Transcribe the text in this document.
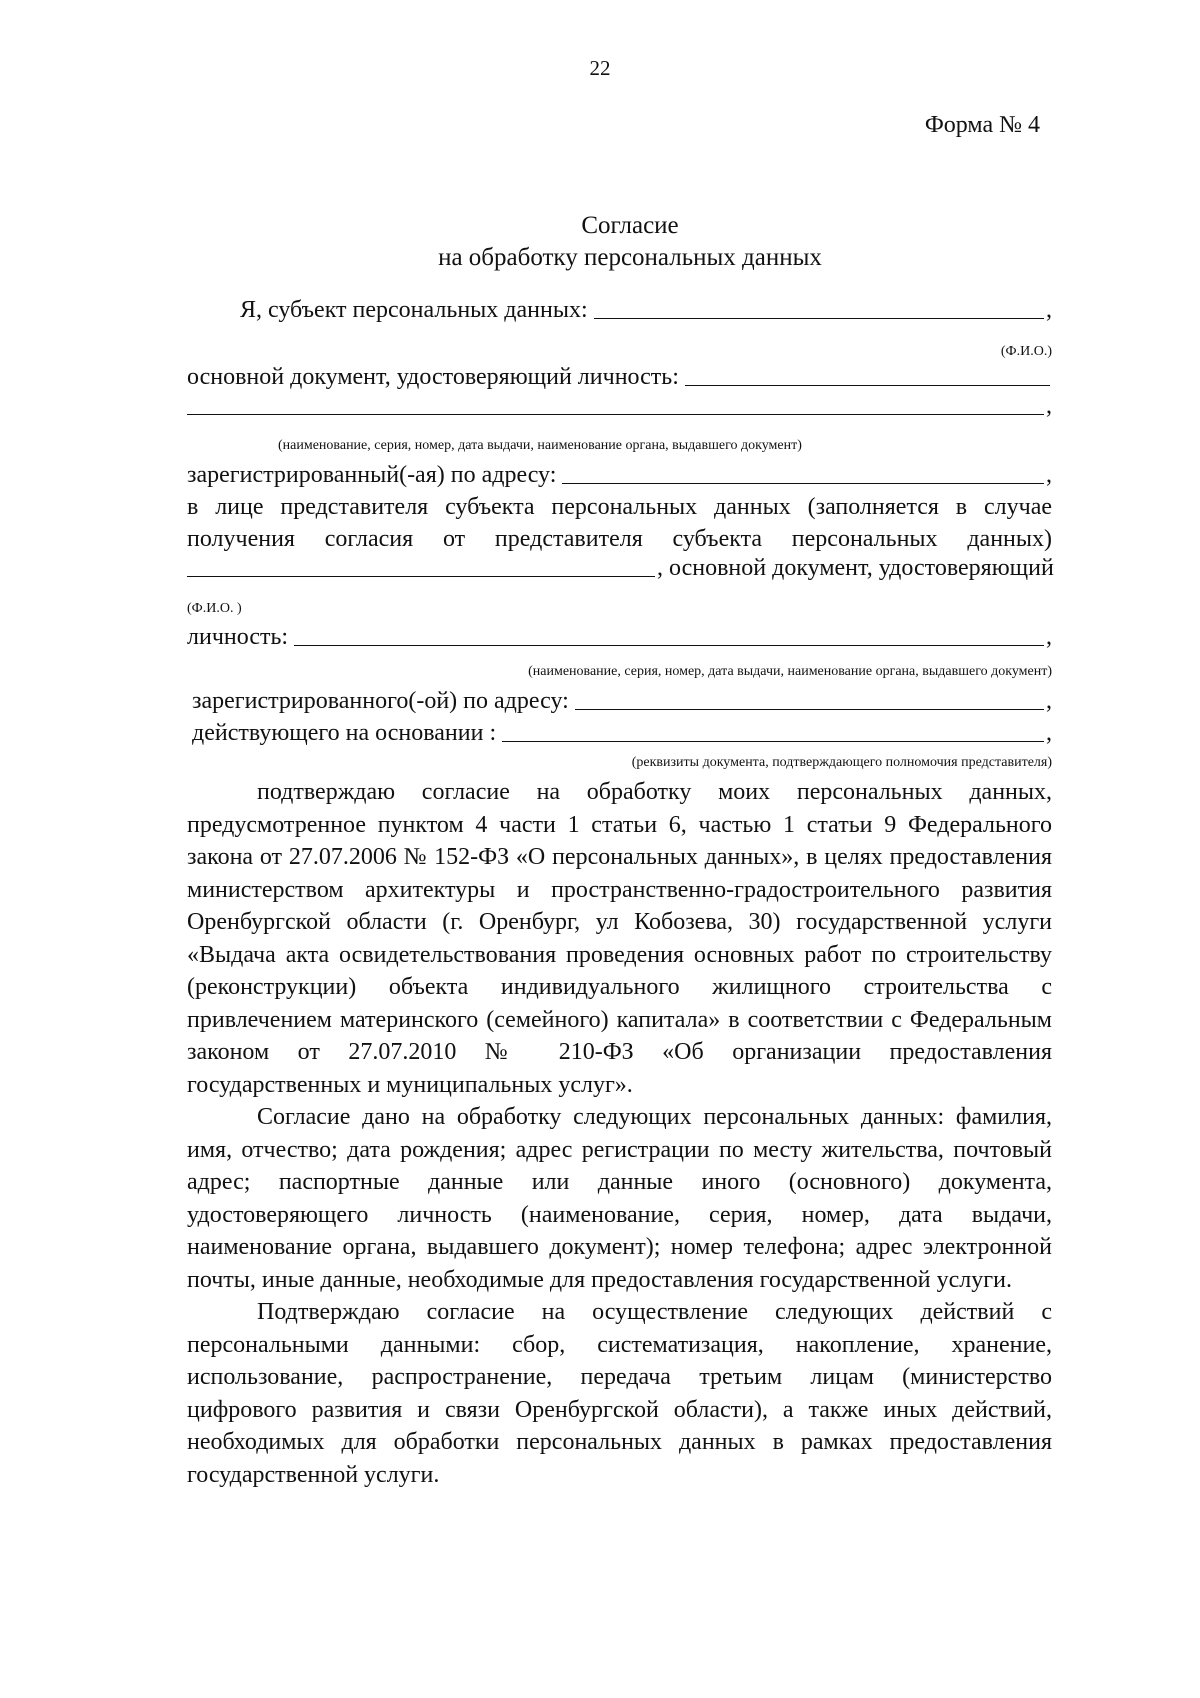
22
Форма № 4
Согласие
на обработку персональных данных
Я, субъект персональных данных:	,
(Ф.И.О.)
основной документ, удостоверяющий личность:
,
(наименование, серия, номер, дата выдачи, наименование органа, выдавшего документ)
зарегистрированный(-ая) по адресу:	,
в лице представителя субъекта персональных данных (заполняется в случае
получения согласия от представителя субъекта персональных данных)
, основной документ, удостоверяющий
(Ф.И.О. )
личность:	,
(наименование, серия, номер, дата выдачи, наименование органа, выдавшего документ)
зарегистрированного(-ой) по адресу:	,
действующего на основании :	,
(реквизиты документа, подтверждающего полномочия представителя)

подтверждаю согласие на обработку моих персональных данных, предусмотренное пунктом 4 части 1 статьи 6, частью 1 статьи 9 Федерального закона от 27.07.2006 № 152-ФЗ «О персональных данных», в целях предоставления министерством архитектуры и пространственно-градостроительного развития Оренбургской области (г. Оренбург, ул Кобозева, 30) государственной услуги «Выдача акта освидетельствования проведения основных работ по строительству (реконструкции) объекта индивидуального жилищного строительства с привлечением материнского (семейного) капитала» в соответствии с Федеральным законом от 27.07.2010 № 210-ФЗ «Об организации предоставления государственных и муниципальных услуг».

Согласие дано на обработку следующих персональных данных: фамилия, имя, отчество; дата рождения; адрес регистрации по месту жительства, почтовый адрес; паспортные данные или данные иного (основного) документа, удостоверяющего личность (наименование, серия, номер, дата выдачи, наименование органа, выдавшего документ); номер телефона; адрес электронной почты, иные данные, необходимые для предоставления государственной услуги.

Подтверждаю согласие на осуществление следующих действий с персональными данными: сбор, систематизация, накопление, хранение, использование, распространение, передача третьим лицам (министерство цифрового развития и связи Оренбургской области), а также иных действий, необходимых для обработки персональных данных в рамках предоставления государственной услуги.
